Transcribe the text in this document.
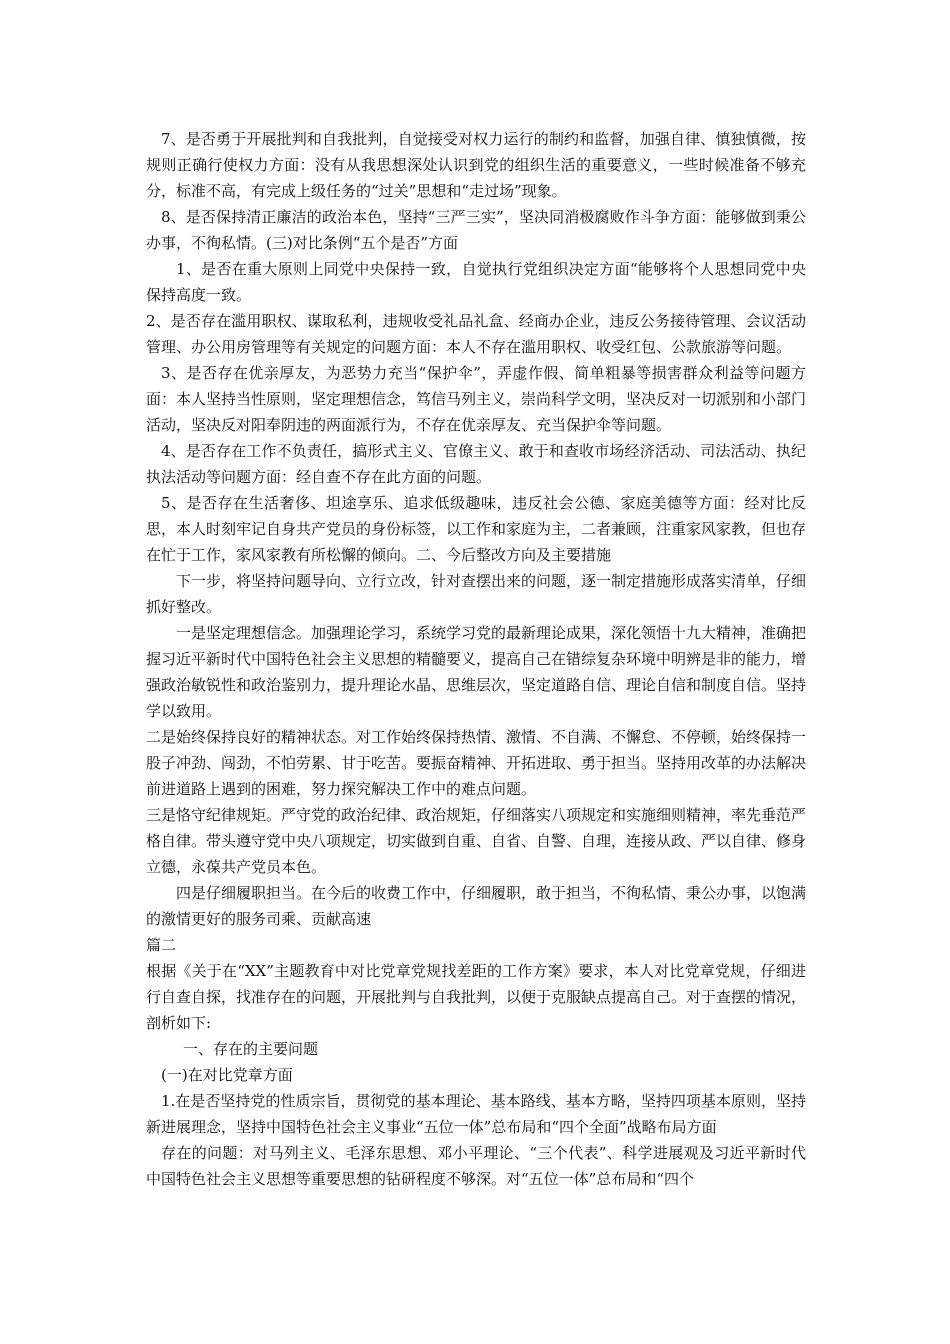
7、是否勇于开展批判和自我批判，自觉接受对权力运行的制约和监督，加强自律、慎独慎微，按规则正确行使权力方面：没有从我思想深处认识到党的组织生活的重要意义，一些时候准备不够充分，标准不高，有完成上级任务的“过关”思想和“走过场”现象。

8、是否保持清正廉洁的政治本色，坚持“三严三实”，坚决同消极腐败作斗争方面：能够做到秉公办事，不徇私情。(三)对比条例“五个是否”方面

1、是否在重大原则上同党中央保持一致，自觉执行党组织决定方面“能够将个人思想同党中央保持高度一致。

2、是否存在滥用职权、谋取私利，违规收受礼品礼盒、经商办企业，违反公务接待管理、会议活动管理、办公用房管理等有关规定的问题方面：本人不存在滥用职权、收受红包、公款旅游等问题。

3、是否存在优亲厚友，为恶势力充当“保护伞”，弄虚作假、简单粗暴等损害群众利益等问题方面：本人坚持当性原则，坚定理想信念，笃信马列主义，崇尚科学文明，坚决反对一切派别和小部门活动，坚决反对阳奉阴违的两面派行为，不存在优亲厚友、充当保护伞等问题。

4、是否存在工作不负责任，搞形式主义、官僚主义、敢于和查收市场经济活动、司法活动、执纪执法活动等问题方面：经自查不存在此方面的问题。

5、是否存在生活奢侈、坦途享乐、追求低级趣味，违反社会公德、家庭美德等方面：经对比反思，本人时刻牢记自身共产党员的身份标签，以工作和家庭为主，二者兼顾，注重家风家教，但也存在忙于工作，家风家教有所松懈的倾向。二、今后整改方向及主要措施

下一步，将坚持问题导向、立行立改，针对查摆出来的问题，逐一制定措施形成落实清单，仔细抓好整改。

一是坚定理想信念。加强理论学习，系统学习党的最新理论成果，深化领悟十九大精神，准确把握习近平新时代中国特色社会主义思想的精髓要义，提高自己在错综复杂环境中明辨是非的能力，增强政治敏锐性和政治鉴别力，提升理论水晶、思维层次，坚定道路自信、理论自信和制度自信。坚持学以致用。

二是始终保持良好的精神状态。对工作始终保持热情、激情、不自满、不懈怠、不停顿，始终保持一股子冲劲、闯劲，不怕劳累、甘于吃苦。要振奋精神、开拓进取、勇于担当。坚持用改革的办法解决前进道路上遇到的困难，努力探究解决工作中的难点问题。

三是恪守纪律规矩。严守党的政治纪律、政治规矩，仔细落实八项规定和实施细则精神，率先垂范严格自律。带头遵守党中央八项规定，切实做到自重、自省、自警、自理，连接从政、严以自律、修身立德，永葆共产党员本色。

四是仔细履职担当。在今后的收费工作中，仔细履职，敢于担当，不徇私情、秉公办事，以饱满的激情更好的服务司乘、贡献高速

篇二

根据《关于在“XX”主题教育中对比党章党规找差距的工作方案》要求，本人对比党章党规，仔细进行自查自探，找准存在的问题，开展批判与自我批判，以便于克服缺点提高自己。对于查摆的情况，剖析如下:

一、存在的主要问题

(一)在对比党章方面

1.在是否坚持党的性质宗旨，贯彻党的基本理论、基本路线、基本方略，坚持四项基本原则，坚持新进展理念，坚持中国特色社会主义事业“五位一体”总布局和“四个全面”战略布局方面

存在的问题：对马列主义、毛泽东思想、邓小平理论、“三个代表”、科学进展观及习近平新时代中国特色社会主义思想等重要思想的钻研程度不够深。对“五位一体”总布局和“四个
